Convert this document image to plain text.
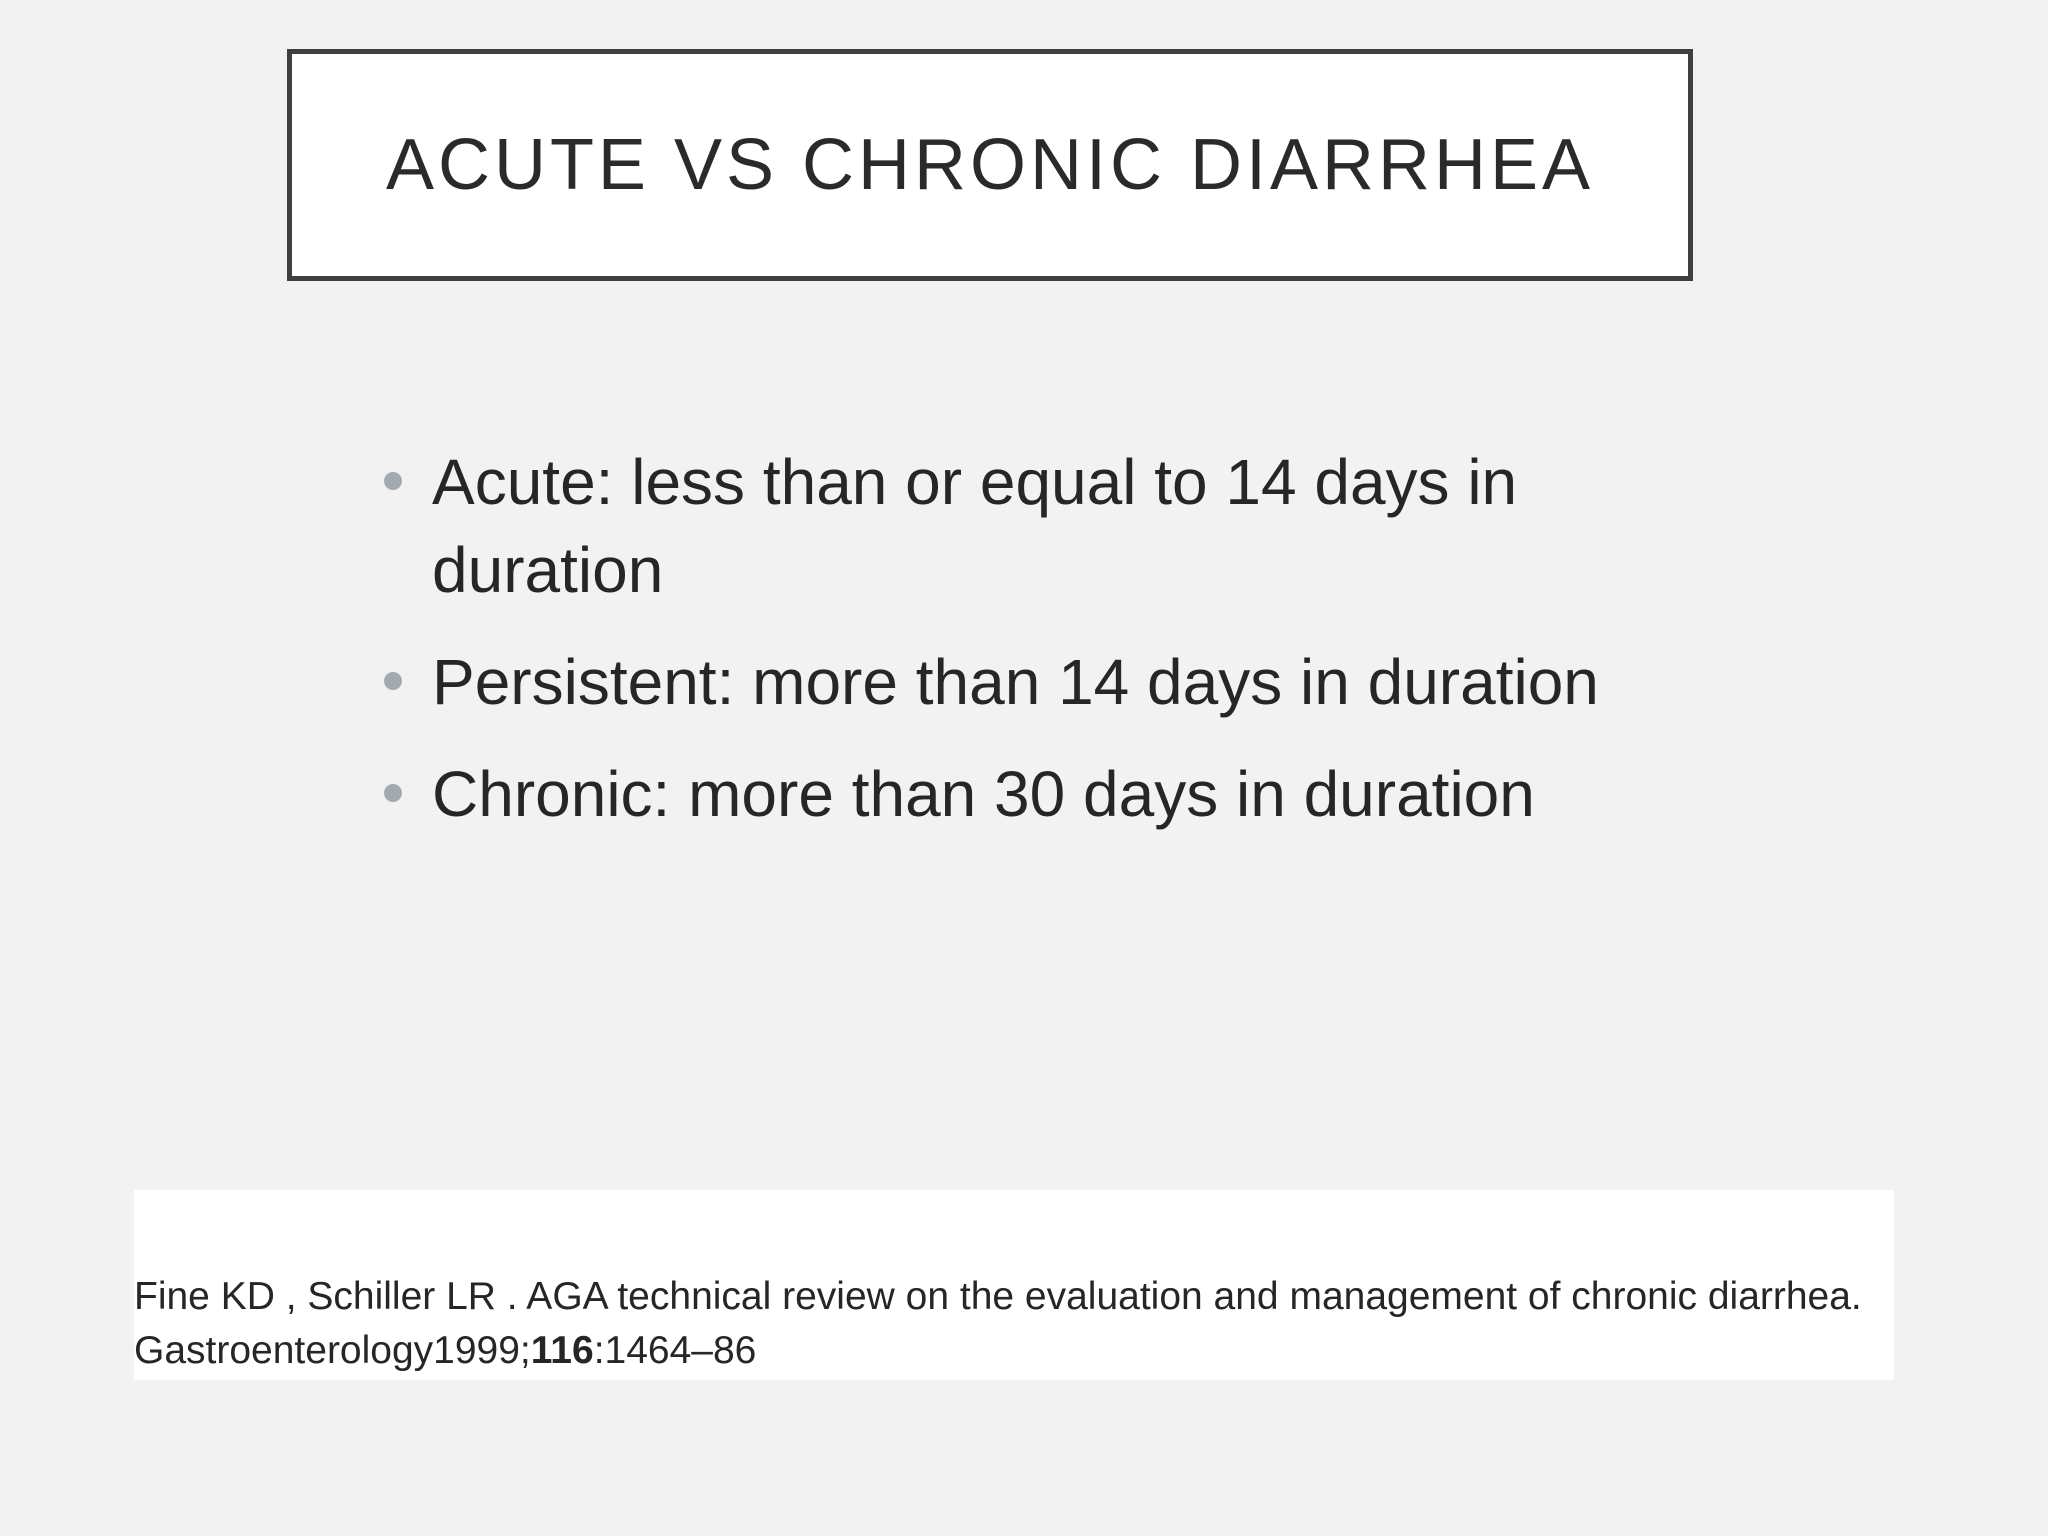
ACUTE VS CHRONIC DIARRHEA
Acute: less than or equal to 14 days in duration
Persistent: more than 14 days in duration
Chronic: more than 30 days in duration
Fine KD , Schiller LR . AGA technical review on the evaluation and management of chronic diarrhea. Gastroenterology1999;116:1464–86
